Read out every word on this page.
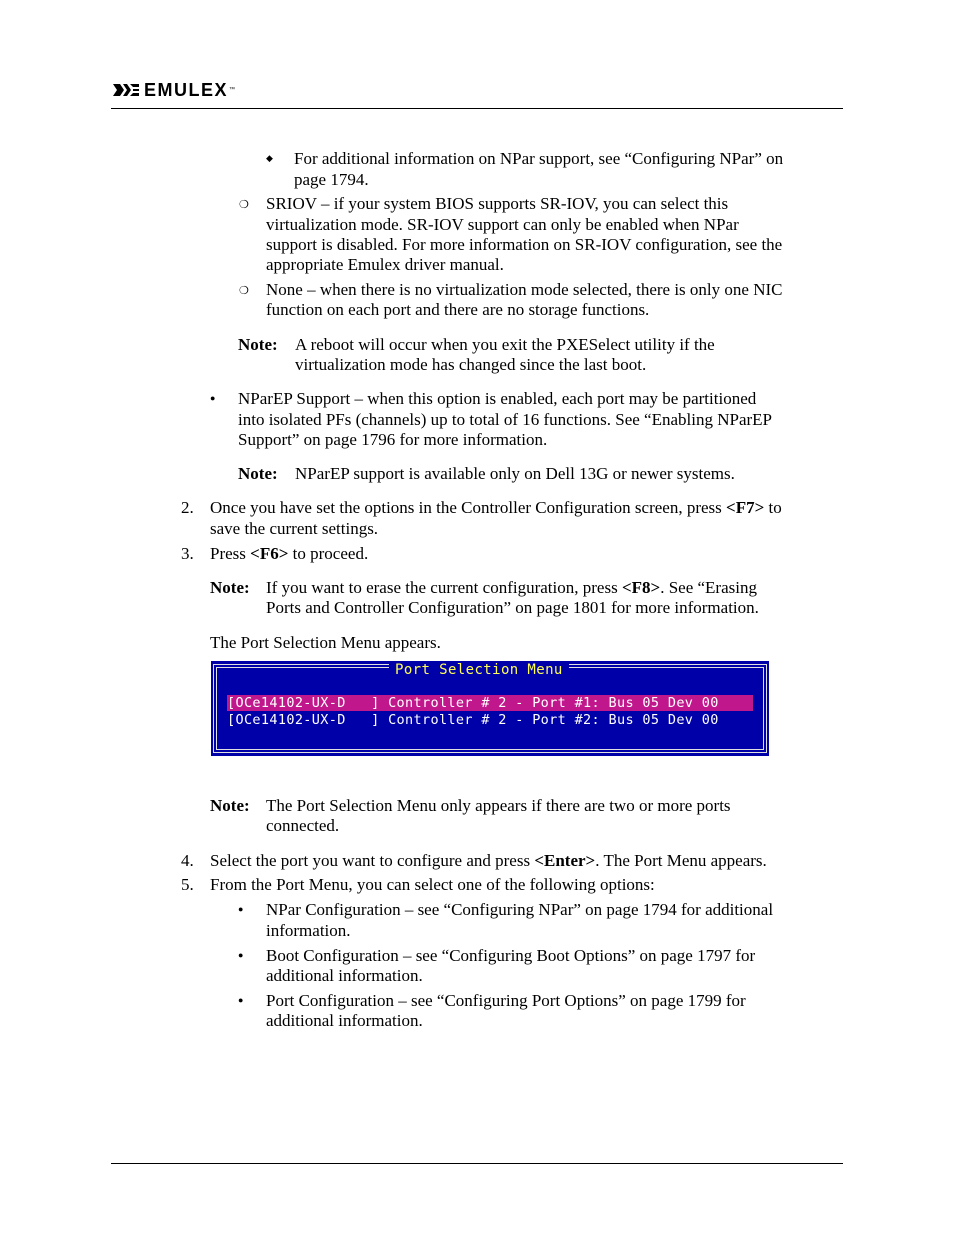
EMULEX ™
◆ For additional information on NPar support, see “Configuring NPar” on
page 1794.
❍ SRIOV – if your system BIOS supports SR-IOV, you can select this
virtualization mode. SR-IOV support can only be enabled when NPar
support is disabled. For more information on SR-IOV configuration, see the
appropriate Emulex driver manual.
❍ None – when there is no virtualization mode selected, there is only one NIC
function on each port and there are no storage functions.
Note: A reboot will occur when you exit the PXESelect utility if the
virtualization mode has changed since the last boot.
● NParEP Support – when this option is enabled, each port may be partitioned
into isolated PFs (channels) up to total of 16 functions. See “Enabling NParEP
Support” on page 1796 for more information.
Note: NParEP support is available only on Dell 13G or newer systems.
2. Once you have set the options in the Controller Configuration screen, press <F7> to
save the current settings.
3. Press <F6> to proceed.
Note: If you want to erase the current configuration, press <F8>. See “Erasing
Ports and Controller Configuration” on page 1801 for more information.
The Port Selection Menu appears.
Port Selection Menu
[OCe14102-UX-D   ] Controller # 2 - Port #1: Bus 05 Dev 00
[OCe14102-UX-D   ] Controller # 2 - Port #2: Bus 05 Dev 00
Note: The Port Selection Menu only appears if there are two or more ports
connected.
4. Select the port you want to configure and press <Enter>. The Port Menu appears.
5. From the Port Menu, you can select one of the following options:
● NPar Configuration – see “Configuring NPar” on page 1794 for additional
information.
● Boot Configuration – see “Configuring Boot Options” on page 1797 for
additional information.
● Port Configuration – see “Configuring Port Options” on page 1799 for
additional information.
